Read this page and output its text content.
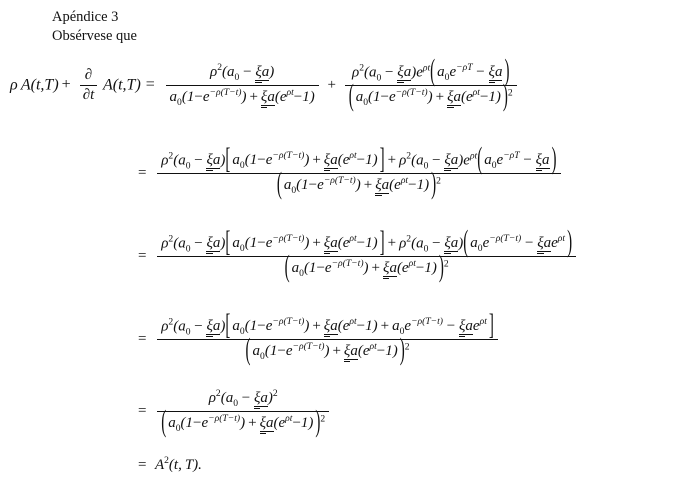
Apéndice 3
Obsérvese que
ρ A(t,T) +
∂
∂t
$A(t,T) = \frac{\rho^2(a_0 - \xi a)}{a_0(1-e^{-\rho(T-t)}) + \xi a(e^{\rho t}-1)} + \rho^2(a_0 - \xi a)e^{\rho t}$ ( $a_0e^{-\rho T} - \xi a$ )
( $a_0(1-e^{-\rho(T-t)}) + \xi a(e^{\rho t}-1)$ ) $^2$
=
$\rho^2(a_0 - \xi a)$ [ $a_0(1-e^{-\rho(T-t)}) + \xi a(e^{\rho t}-1)$ ] + $\rho^2(a_0 - \xi a)e^{\rho t}$ ( $a_0e^{-\rho T} - \xi a$ )
( $a_0(1-e^{-\rho(T-t)}) + \xi a(e^{\rho t}-1)$ ) $^2$
=
$\rho^2(a_0 - \xi a)$ [ $a_0(1-e^{-\rho(T-t)}) + \xi a(e^{\rho t}-1)$ ] + $\rho^2(a_0 - \xi a)$ ( $a_0e^{-\rho(T-t)} - \xi ae^{\rho t}$ )
( $a_0(1-e^{-\rho(T-t)}) + \xi a(e^{\rho t}-1)$ ) $^2$
= $\rho^2(a_0 - \xi a)$ [ $a_0(1-e^{-\rho(T-t)}) + \xi a(e^{\rho t}-1) + a_0e^{-\rho(T-t)} - \xi ae^{\rho t}$ ]
( $a_0(1-e^{-\rho(T-t)}) + \xi a(e^{\rho t}-1)$ ) $^2$
= $\rho^2(a_0 - \xi a)^2$
( $a_0(1-e^{-\rho(T-t)}) + \xi a(e^{\rho t}-1)$ ) $^2$
= $A^2(t$, T).
